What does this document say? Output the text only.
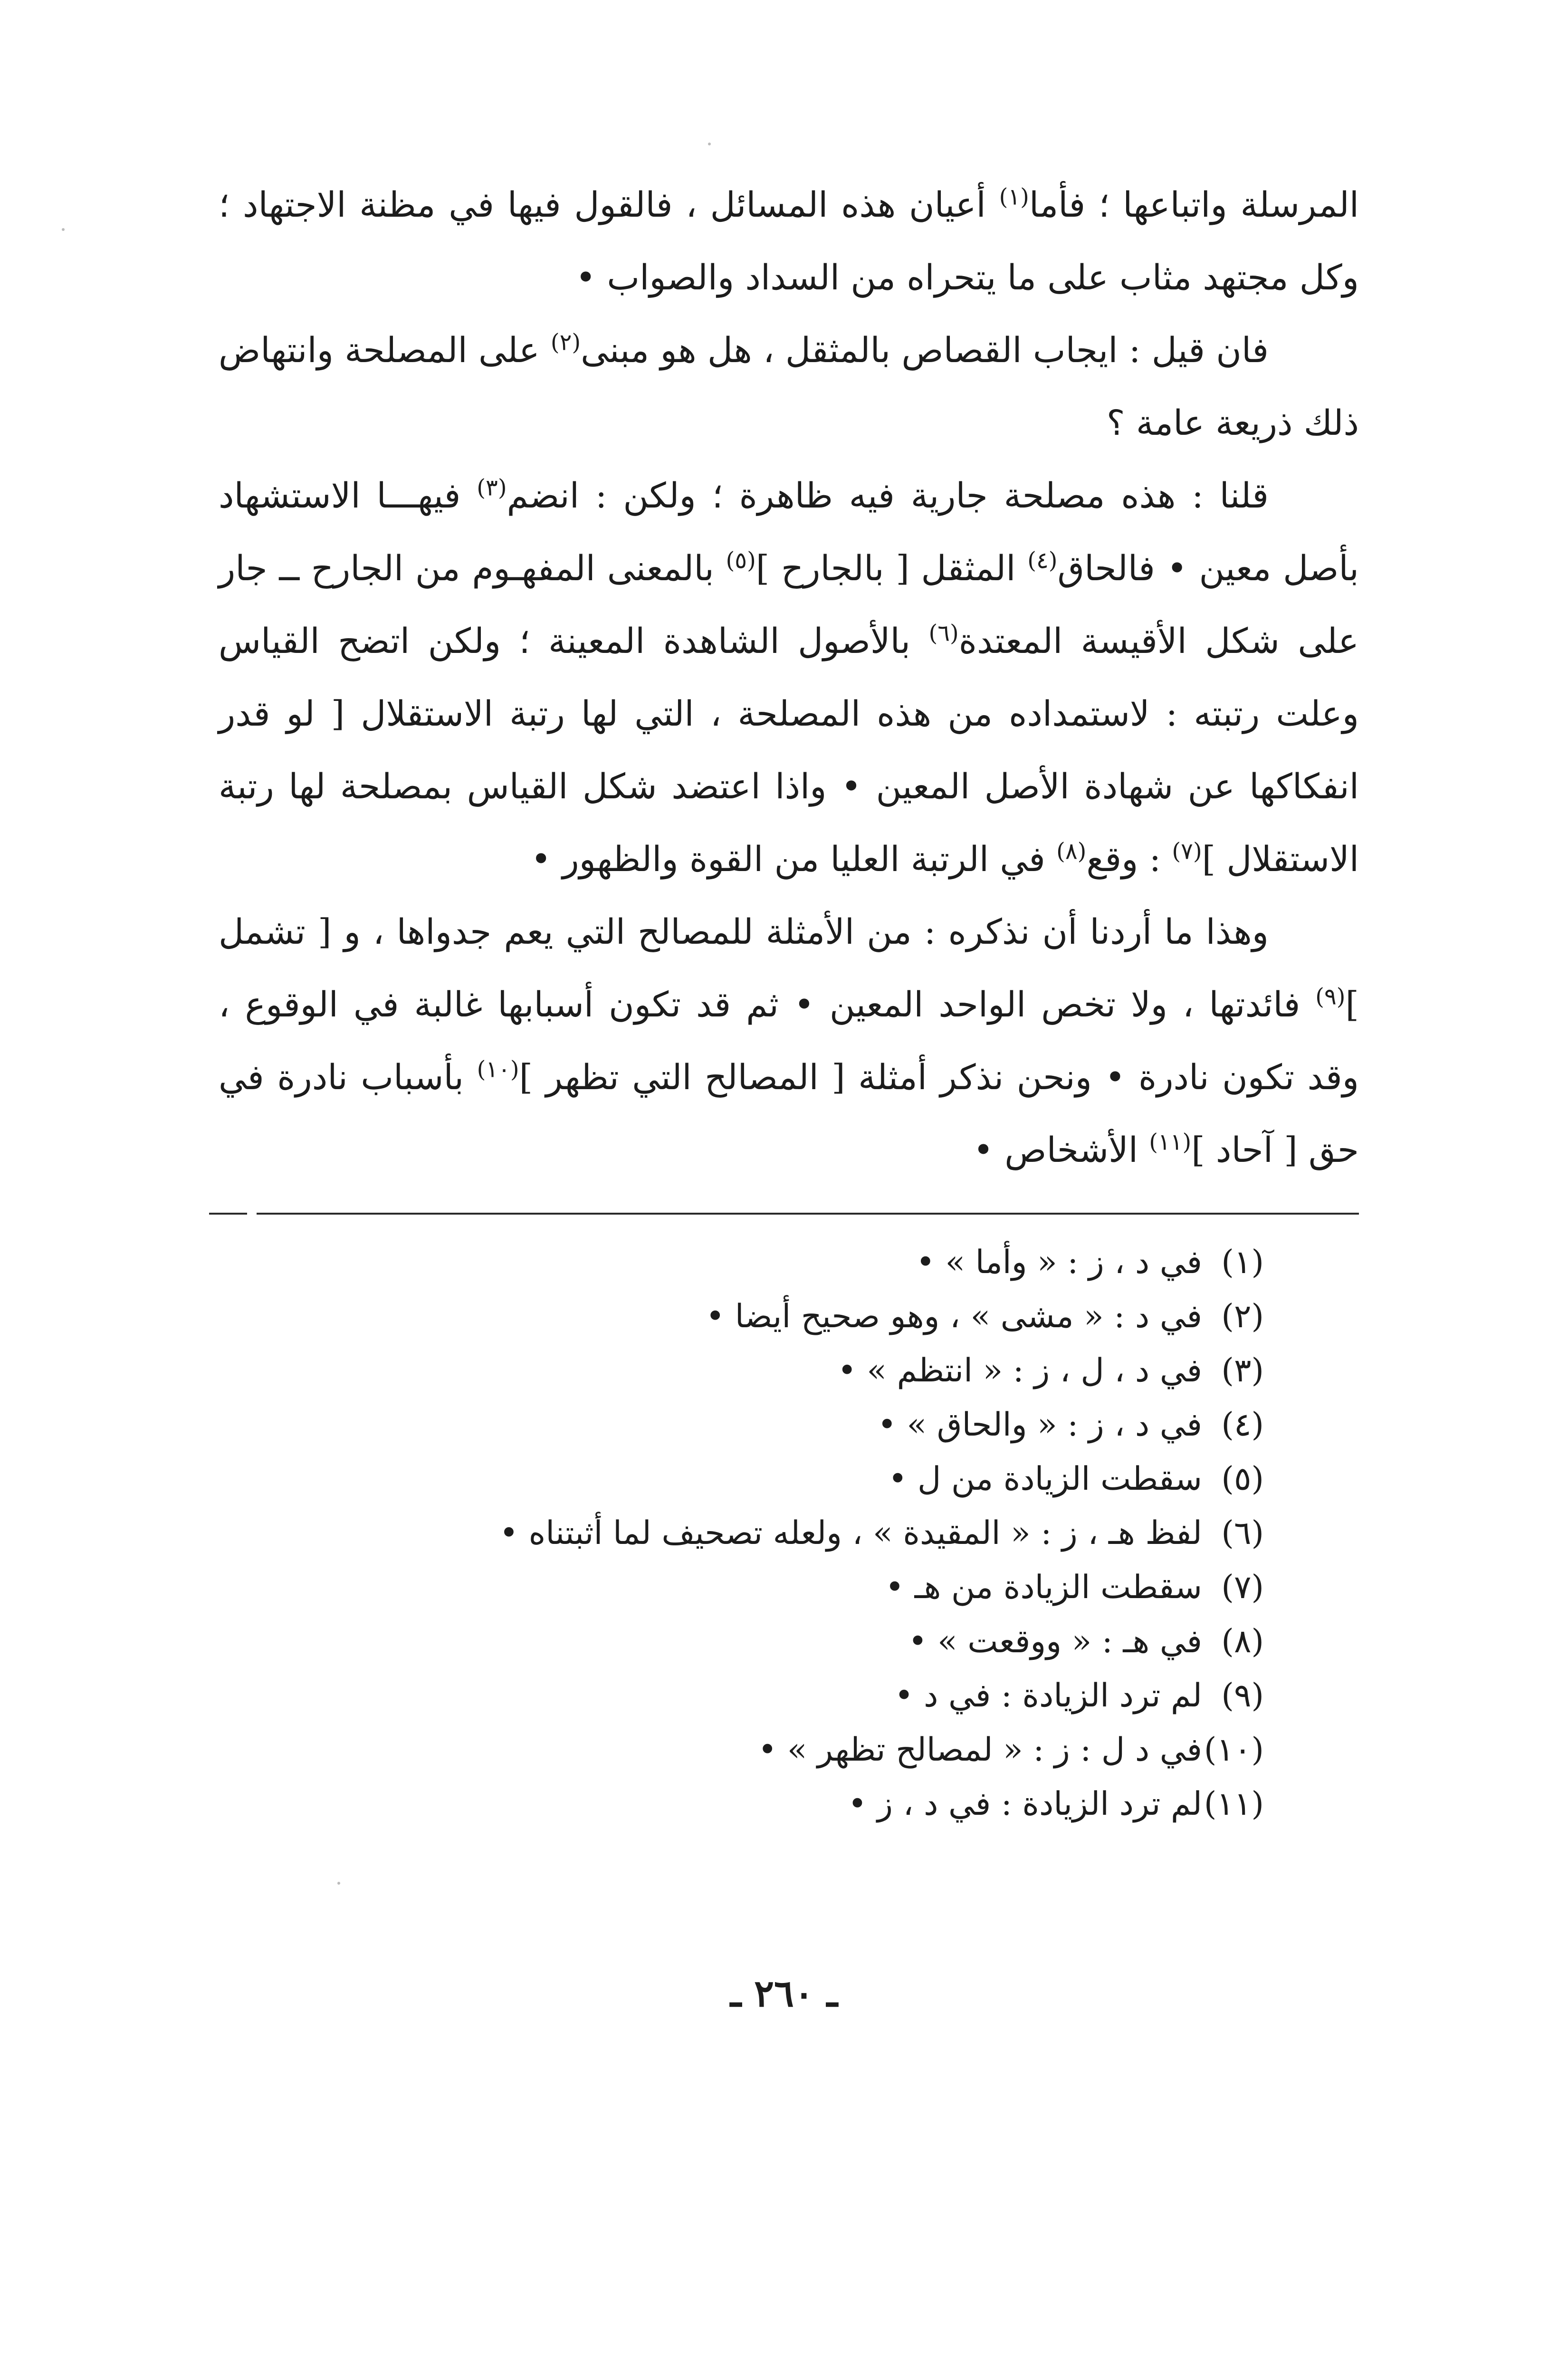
المرسلة واتباعها ؛ فأما$^{(١)}$ أعيان هذه المسائل ، فالقول فيها في مظنة الاجتهاد ؛ وكل مجتهد مثاب على ما يتحراه من السداد والصواب •

فان قيل : ايجاب القصاص بالمثقل ، هل هو مبنى$^{(٢)}$ على المصلحة وانتهاض ذلك ذريعة عامة ؟

قلنا : هذه مصلحة جارية فيه ظاهرة ؛ ولكن : انضم$^{(٣)}$ فيهـــا الاستشهاد بأصل معين • فالحاق$^{(٤)}$ المثقل [ بالجارح ]$^{(٥)}$ بالمعنى المفهـوم من الجارح ــ جار على شكل الأقيسة المعتدة$^{(٦)}$ بالأصول الشاهدة المعينة ؛ ولكن اتضح القياس وعلت رتبته : لاستمداده من هذه المصلحة ، التي لها رتبة الاستقلال [ لو قدر انفكاكها عن شهادة الأصل المعين • واذا اعتضد شكل القياس بمصلحة لها رتبة الاستقلال ]$^{(٧)}$ : وقع$^{(٨)}$ في الرتبة العليا من القوة والظهور •

وهذا ما أردنا أن نذكره : من الأمثلة للمصالح التي يعم جدواها ، و [ تشمل ]$^{(٩)}$ فائدتها ، ولا تخص الواحد المعين • ثم قد تكون أسبابها غالبة في الوقوع ، وقد تكون نادرة • ونحن نذكر أمثلة [ المصالح التي تظهر ]$^{(١٠)}$ بأسباب نادرة في حق [ آحاد ]$^{(١١)}$ الأشخاص •

(١)في د ، ز : « وأما » •

(٢)في د : « مشى » ، وهو صحيح أيضا •

(٣)في د ، ل ، ز : « انتظم » •

(٤)في د ، ز : « والحاق » •

(٥)سقطت الزيادة من ل •

(٦)لفظ هـ ، ز : « المقيدة » ، ولعله تصحيف لما أثبتناه •

(٧)سقطت الزيادة من هـ •

(٨)في هـ : « ووقعت » •

(٩)لم ترد الزيادة : في د •

(١٠)في د ل : ز : « لمصالح تظهر » •

(١١)لم ترد الزيادة : في د ، ز •

ـ ٢٦٠ ـ
